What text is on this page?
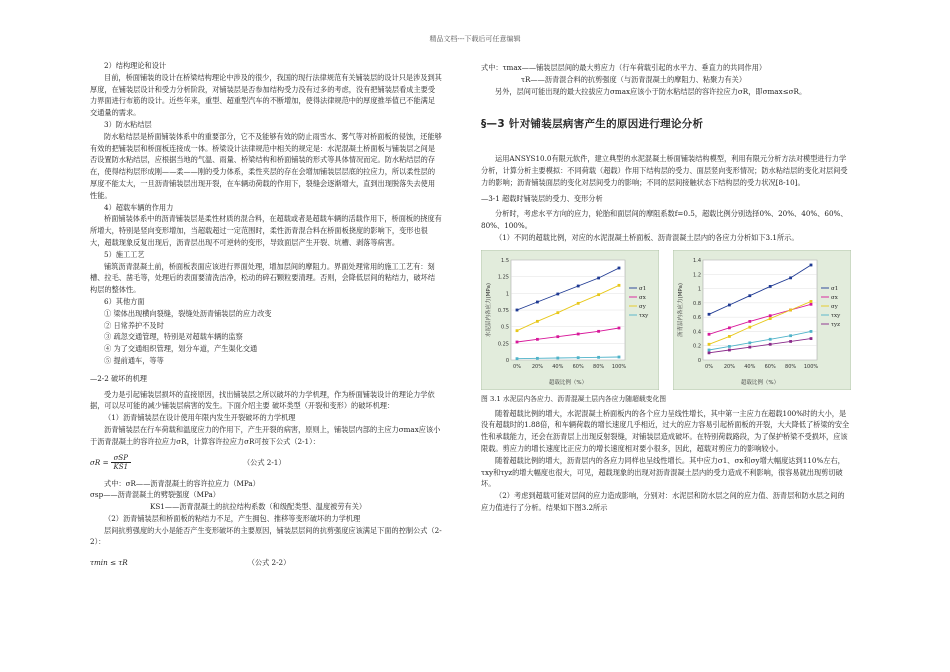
精品文档---下载后可任意编辑

2）结构理论和设计

目前，桥面铺装的设计在桥梁结构理论中涉及的很少，我国的现行法律规范有关铺装层的设计只是涉及到其厚度，在铺装层设计和受力分析阶段，对铺装层是否参加结构受力没有过多的考虑，没有把铺装层看成主要受力界面进行布筋的设计。近些年来，重型、超重型汽车的不断增加，使得法律规范中的厚度推举值已不能满足交通量的需求。

3）防水粘结层

防水粘结层是桥面铺装体系中的重要部分，它不及能够有效的防止雨雪水、雾气等对桥面板的侵蚀，还能够有效的把铺装层和桥面板连接成一体。桥梁设计法律规范中相关的规定是：水泥混凝土桥面板与铺装层之间是否设置防水粘结层，应根据当地的气温、雨量、桥梁结构和桥面铺装的形式等具体情况而定。防水粘结层的存在，使得结构层形成刚——柔——刚的受力体系，柔性夹层的存在会增加铺装层层底的拉应力，所以柔性层的厚度不能太大，一旦沥青铺装层出现开裂，在车辆动荷载的作用下，裂缝会逐渐增大，直到出现脱落失去使用性能。

4）超载车辆的作用力

桥面铺装体系中的沥青铺装层是柔性材质的混合料，在超载或者是超载车辆的活载作用下，桥面板的挠度有所增大，特别是竖向变形增加，当超载超过一定范围时，柔性沥青混合料在桥面板挠度的影响下，变形也很大，超载现象反复出现后，沥青层出现不可逆转的变形，导致面层产生开裂、坑槽、剥落等病害。

5）施工工艺

铺筑沥青混凝土前，桥面板表面应该进行界面处理，增加层间的摩阻力。界面处理常用的施工工艺有：刻槽、拉毛、凿毛等，处理后的表面要清洗洁净，松动的碎石颗粒要清理。否则，会降低层间的粘结力，破坏结构层的整体性。

6）其他方面

① 梁体出现横向裂缝，裂缝处沥青铺装层的应力改变

② 日常养护不及时

③ 疏忽交通管理，特别是对超载车辆的监察

④ 为了交通组织管理，划分车道，产生渠化交通

⑤ 提前通车，等等

—2-2 破坏的机理

受力是引起铺装层损坏的直接原因，找出铺装层之所以破坏的力学机理，作为桥面铺装设计的理论力学依据，可以尽可能的减少铺装层病害的发生。下面介绍主要 破坏类型（开裂和变形）的破坏机理：

（1）沥青铺装层在设计使用年限内发生开裂破坏的力学机理

沥青铺装层在行车荷载和温度应力的作用下，产生开裂的病害，原则上，铺装层内部的主应力σmax应该小于沥青混凝土的容许拉应力σR，计算容许拉应力σR可按下公式（2-1）：

$\sigma R = \frac{\text{σSP}}{KS1}$	（公式 2-1）

式中：σR——沥青混凝土的容许拉应力（MPa）

σsp——沥青混凝土的劈裂强度（MPa）

KS1——沥青混凝土的抗拉结构系数（和级配类型、温度被劳有关）

（2）沥青铺装层和桥面板的粘结力不足，产生拥包、推移等变形破坏的力学机理

层间抗剪强度的大小是能否产生变形破坏的主要原因，铺装层层间的抗剪强度应该满足下面的控制公式（2-2）：

τmin ≤ τR	（公式 2-2）

式中：τmax——铺装层层间的最大剪应力（行车荷载引起的水平力、垂直力的共同作用）

τR——沥青混合料的抗剪强度（与沥青混凝土的摩阻力、粘聚力有关）

另外，层间可能出现的最大拉拔应力σmax应该小于防水粘结层的容许拉应力σR，即σmax≤σR。

§—3 针对铺装层病害产生的原因进行理论分析

运用ANSYS10.0有限元软件，建立典型的水泥混凝土桥面铺装结构模型，利用有限元分析方法对模型进行力学分析，计算分析主要模拟：不同荷载（超载）作用下结构层的受力、面层竖向变形情况；防水粘结层的变化对层间受力的影响；沥青铺装面层的变化对层间受力的影响；不同的层间接触状态下结构层的受力状况[8-10]。

—3-1 超载时铺装层的受力、变形分析

分析时，考虑水平方向的应力，轮胎和面层间的摩阻系数f=0.5，超载比例分别选择0%、20%、40%、60%、80%、100%。

（1）不同的超载比例，对应的水泥混凝土桥面板、沥青混凝土层内的各应力分析如下3.1所示。

0
0.25
0.5
0.75
1
1.25
1.5
0% 20% 40% 60% 80% 100%
超载比例（%）
水泥层内各应力(MPa)	σ1
σx
σy
τxy
0
0.2
0.4
0.6
0.8
1
1.2
1.4
0% 20% 40% 60% 80% 100%
超载比例（%）
沥青层内各应力(MPa)	σ1
σx
σy
τxy
τyz

图 3.1 水泥层内各应力、沥青混凝土层内各应力随超载变化图

随着超载比例的增大，水泥混凝土桥面板内的各个应力呈线性增长，其中第一主应力在超载100%时的大小，是没有超载时的1.88倍，和车辆荷载的增长速度几乎相近，过大的应力容易引起桥面板的开裂，大大降低了桥梁的安全性和承载能力，还会在沥青层上出现反射裂缝，对铺装层造成破坏。在特别荷载路段，为了保护桥梁不受损坏，应该限载。剪应力的增长速度比正应力的增长速度相对要小很多，因此，超载对剪应力的影响较小。

随着超载比例的增大，沥青层内的各应力同样也呈线性增长。其中应力σ1、σx和σy增大幅度达到110%左右，τxy和τyz的增大幅度也很大，可见，超载现象的出现对沥青混凝土层内的受力造成不利影响，很容易就出现剪切破坏。

（2）考虑到超载可能对层间的应力造成影响，分别对：水泥层和防水层之间的应力值、沥青层和防水层之间的应力值进行了分析。结果如下图3.2所示
